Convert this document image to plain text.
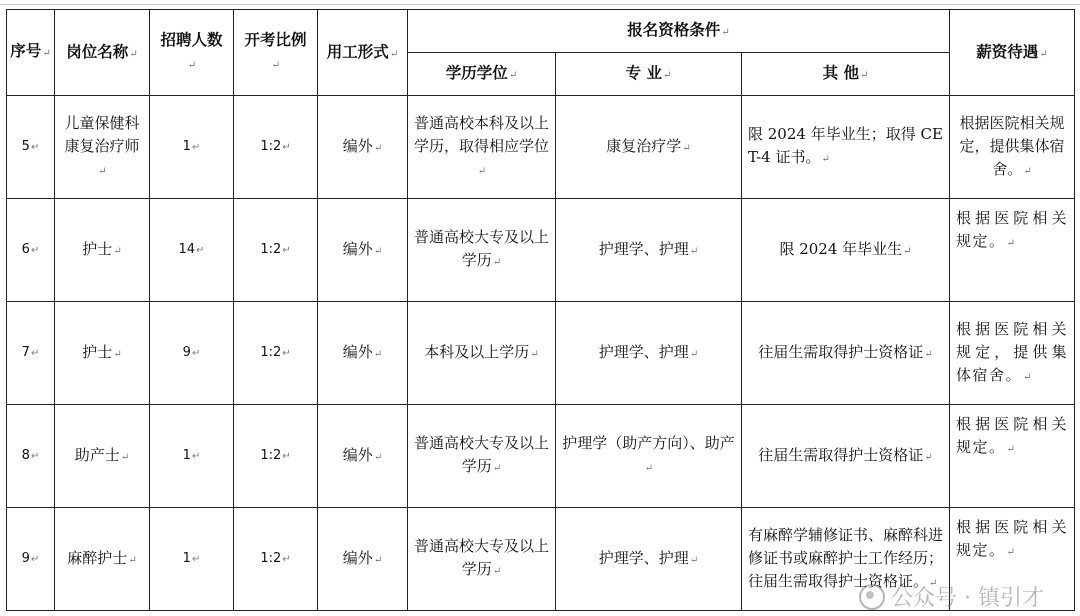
序号↵	岗位名称↵	招聘人数↵	开考比例↵	用工形式↵	报名资格条件↵			薪资待遇↵
					学历学位↵	专 业↵	其 他↵	
5↵	儿童保健科康复治疗师↵	1↵	1:2↵	编外↵	普通高校本科及以上学历，取得相应学位↵	康复治疗学↵	限 2024 年毕业生；取得 CET-4 证书。↵	根据医院相关规定，提供集体宿舍。↵
6↵	护士↵	14↵	1:2↵	编外↵	普通高校大专及以上学历↵	护理学、护理↵	限 2024 年毕业生↵	根据医院相关规定。↵
7↵	护士↵	9↵	1:2↵	编外↵	本科及以上学历↵	护理学、护理↵	往届生需取得护士资格证↵	根据医院相关规定，提供集体宿舍。↵
8↵	助产士↵	1↵	1:2↵	编外↵	普通高校大专及以上学历↵	护理学（助产方向）、助产↵	往届生需取得护士资格证↵	根据医院相关规定。↵
9↵	麻醉护士↵	1↵	1:2↵	编外↵	普通高校大专及以上学历↵	护理学、护理↵	有麻醉学辅修证书、麻醉科进修证书或麻醉护士工作经历；往届生需取得护士资格证。↵	根据医院相关规定。↵
公众号 · 镇引才
